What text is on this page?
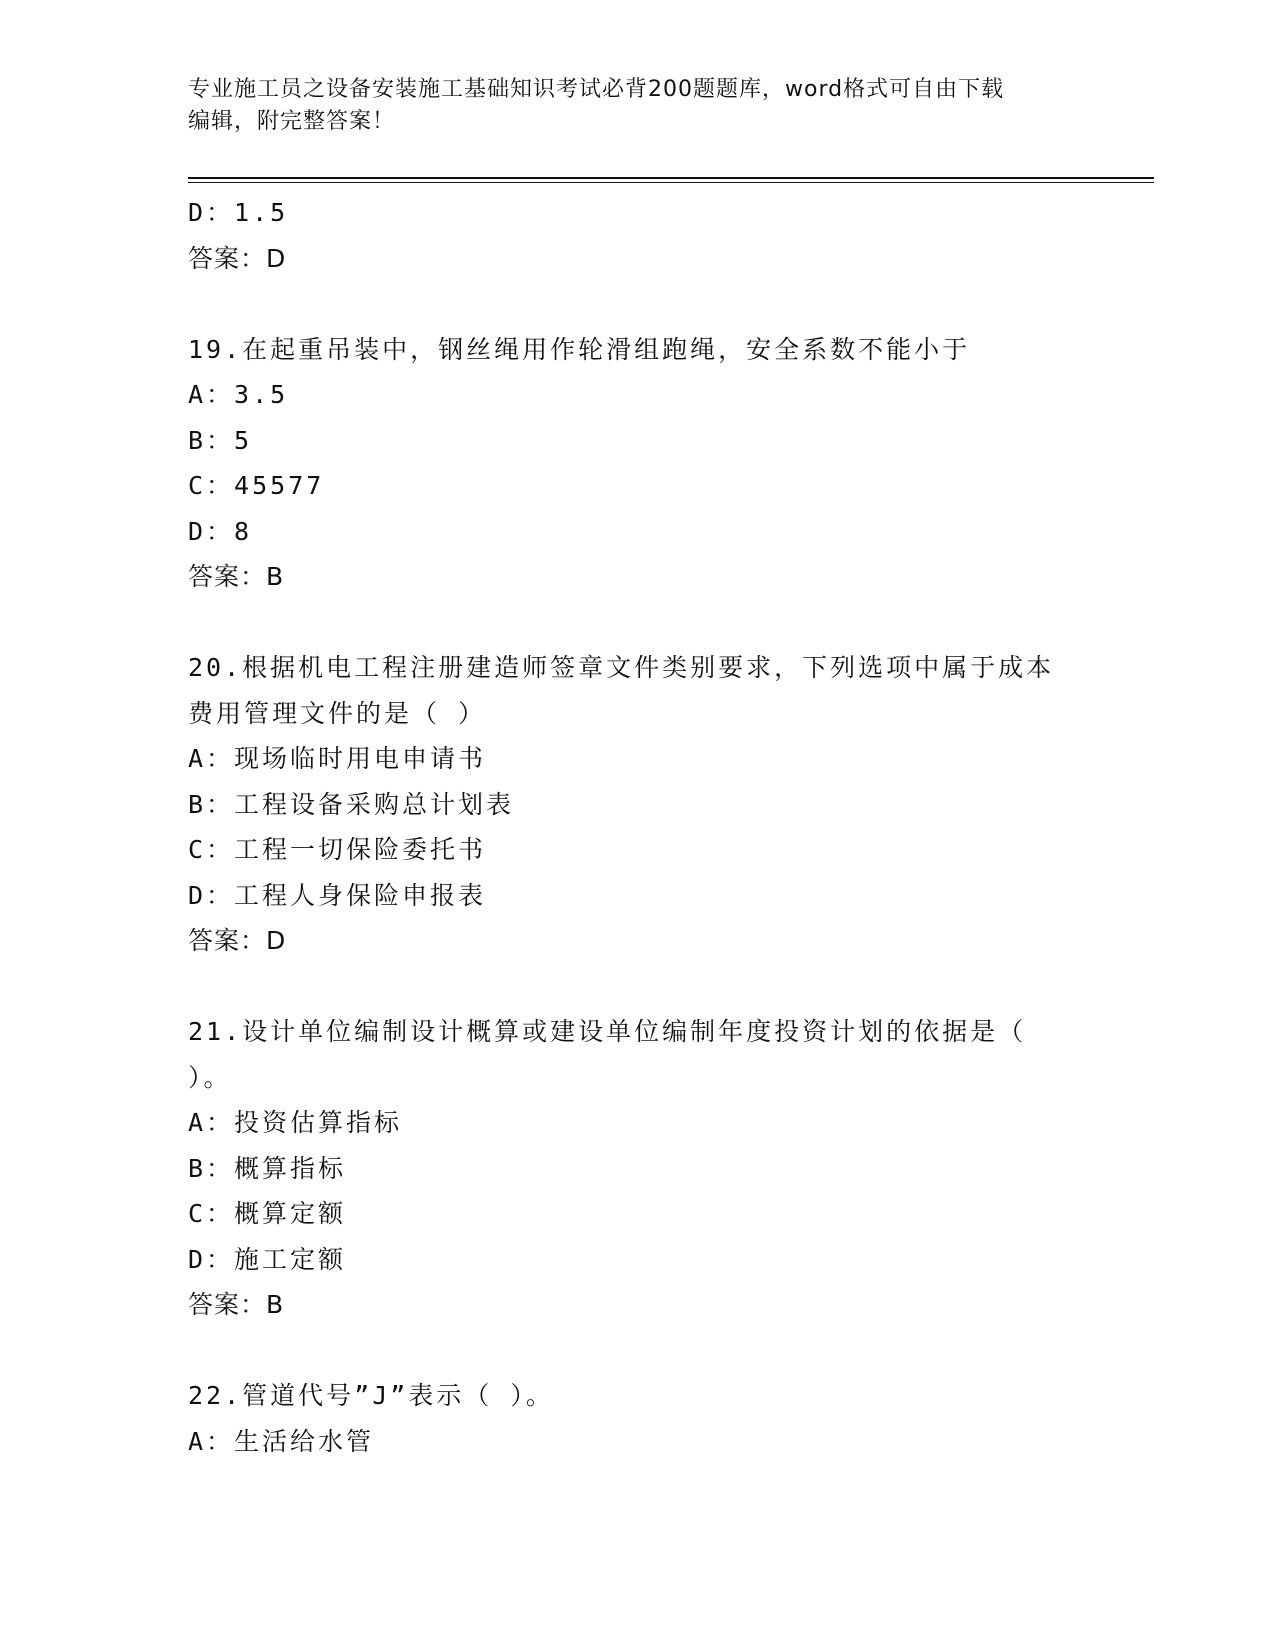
专业施工员之设备安装施工基础知识考试必背200题题库，word格式可自由下载
编辑，附完整答案！
D：1.5
答案：D
19.在起重吊装中，钢丝绳用作轮滑组跑绳，安全系数不能小于
A：3.5
B：5
C：45577
D：8
答案：B
20.根据机电工程注册建造师签章文件类别要求，下列选项中属于成本
费用管理文件的是（ ）
A：现场临时用电申请书
B：工程设备采购总计划表
C：工程一切保险委托书
D：工程人身保险申报表
答案：D
21.设计单位编制设计概算或建设单位编制年度投资计划的依据是（
）。
A：投资估算指标
B：概算指标
C：概算定额
D：施工定额
答案：B
22.管道代号”J”表示（ ）。
A：生活给水管
